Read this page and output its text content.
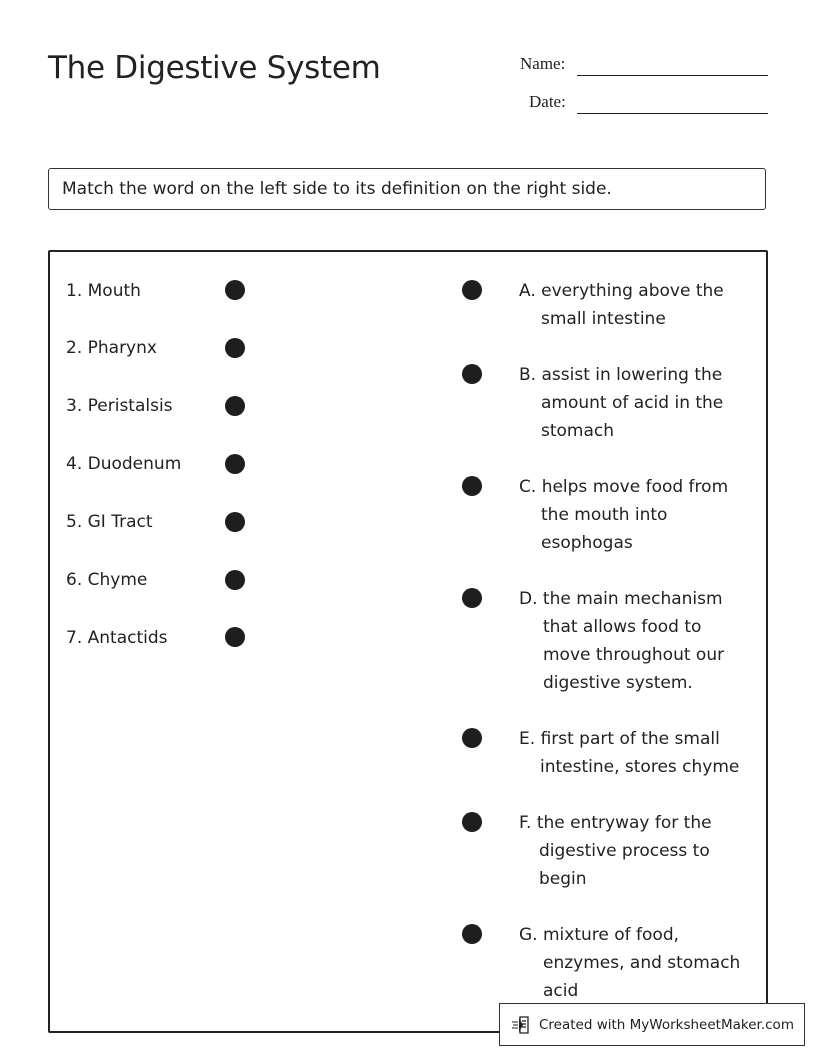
The Digestive System	Name:
Date:
Match the word on the left side to its definition on the right side.
1. Mouth
2. Pharynx
3. Peristalsis
4. Duodenum
5. GI Tract
6. Chyme
7. Antactids
A. everything above the
small intestine
B. assist in lowering the
amount of acid in the
stomach
C. helps move food from
the mouth into
esophogas
D. the main mechanism
that allows food to
move throughout our
digestive system.
E. first part of the small
intestine, stores chyme
F. the entryway for the
digestive process to
begin
G. mixture of food,
enzymes, and stomach
acid
Created with MyWorksheetMaker.com
